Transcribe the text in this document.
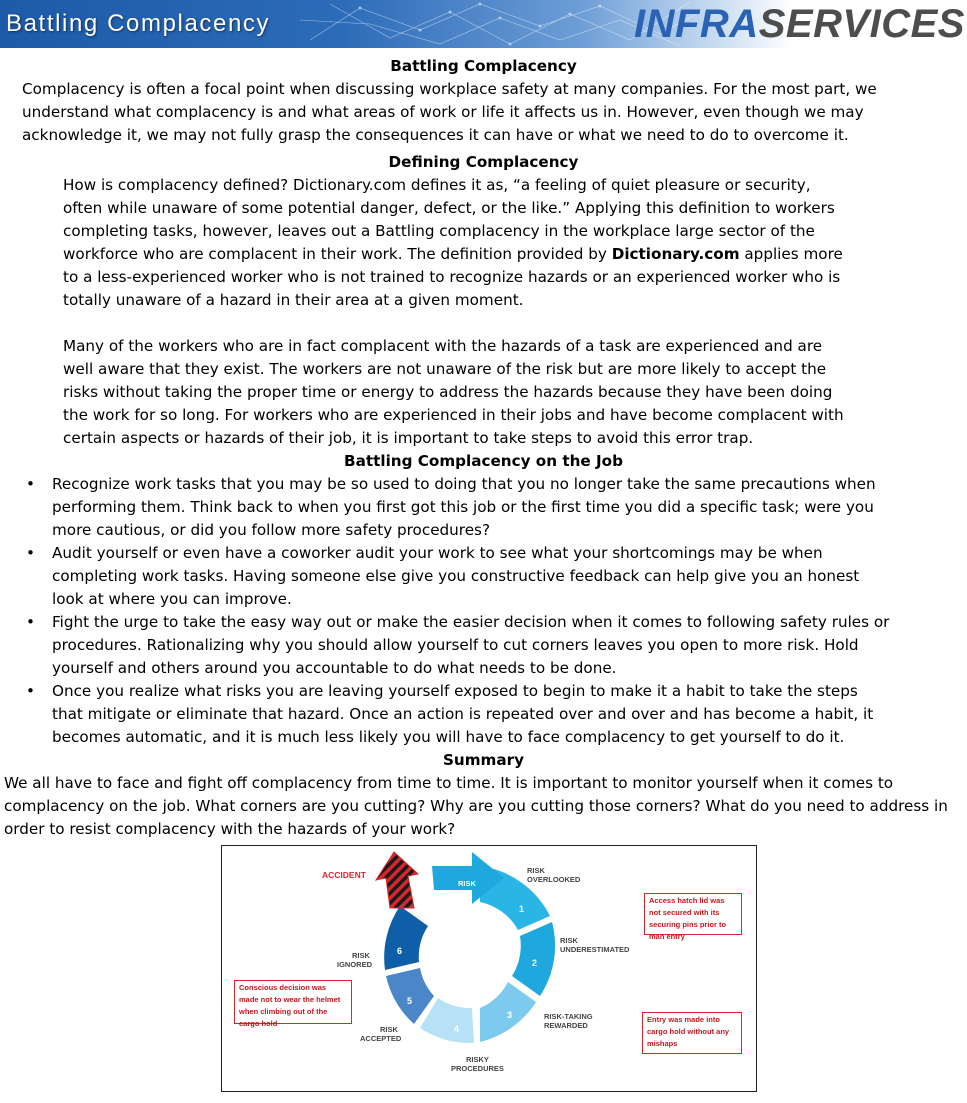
Battling Complacency	INFRASERVICES
Battling Complacency

Complacency is often a focal point when discussing workplace safety at many companies. For the most part, we understand what complacency is and what areas of work or life it affects us in. However, even though we may acknowledge it, we may not fully grasp the consequences it can have or what we need to do to overcome it.

Defining Complacency

How is complacency defined? Dictionary.com defines it as, “a feeling of quiet pleasure or security, often while unaware of some potential danger, defect, or the like.” Applying this definition to workers completing tasks, however, leaves out a Battling complacency in the workplace large sector of the workforce who are complacent in their work. The definition provided by Dictionary.com applies more to a less-experienced worker who is not trained to recognize hazards or an experienced worker who is totally unaware of a hazard in their area at a given moment.

Many of the workers who are in fact complacent with the hazards of a task are experienced and are well aware that they exist. The workers are not unaware of the risk but are more likely to accept the risks without taking the proper time or energy to address the hazards because they have been doing the work for so long. For workers who are experienced in their jobs and have become complacent with certain aspects or hazards of their job, it is important to take steps to avoid this error trap.

Battling Complacency on the Job
• Recognize work tasks that you may be so used to doing that you no longer take the same precautions when performing them. Think back to when you first got this job or the first time you did a specific task; were you more cautious, or did you follow more safety procedures?
• Audit yourself or even have a coworker audit your work to see what your shortcomings may be when completing work tasks. Having someone else give you constructive feedback can help give you an honest look at where you can improve.
• Fight the urge to take the easy way out or make the easier decision when it comes to following safety rules or procedures. Rationalizing why you should allow yourself to cut corners leaves you open to more risk. Hold yourself and others around you accountable to do what needs to be done.
• Once you realize what risks you are leaving yourself exposed to begin to make it a habit to take the steps that mitigate or eliminate that hazard. Once an action is repeated over and over and has become a habit, it becomes automatic, and it is much less likely you will have to face complacency to get yourself to do it.
Summary

We all have to face and fight off complacency from time to time. It is important to monitor yourself when it comes to complacency on the job. What corners are you cutting? Why are you cutting those corners? What do you need to address in order to resist complacency with the hazards of your work?

1
2
3
4
5
6
RISK
ACCIDENT	RISK
OVERLOOKED
RISK
UNDERESTIMATED
RISK-TAKING
REWARDED
RISKY
PROCEDURES
RISK
ACCEPTED
RISK
IGNORED
Access hatch lid was not secured with its securing pins prior to man entry
Entry was made into cargo hold without any mishaps
Conscious decision was made not to wear the helmet when climbing out of the cargo hold
